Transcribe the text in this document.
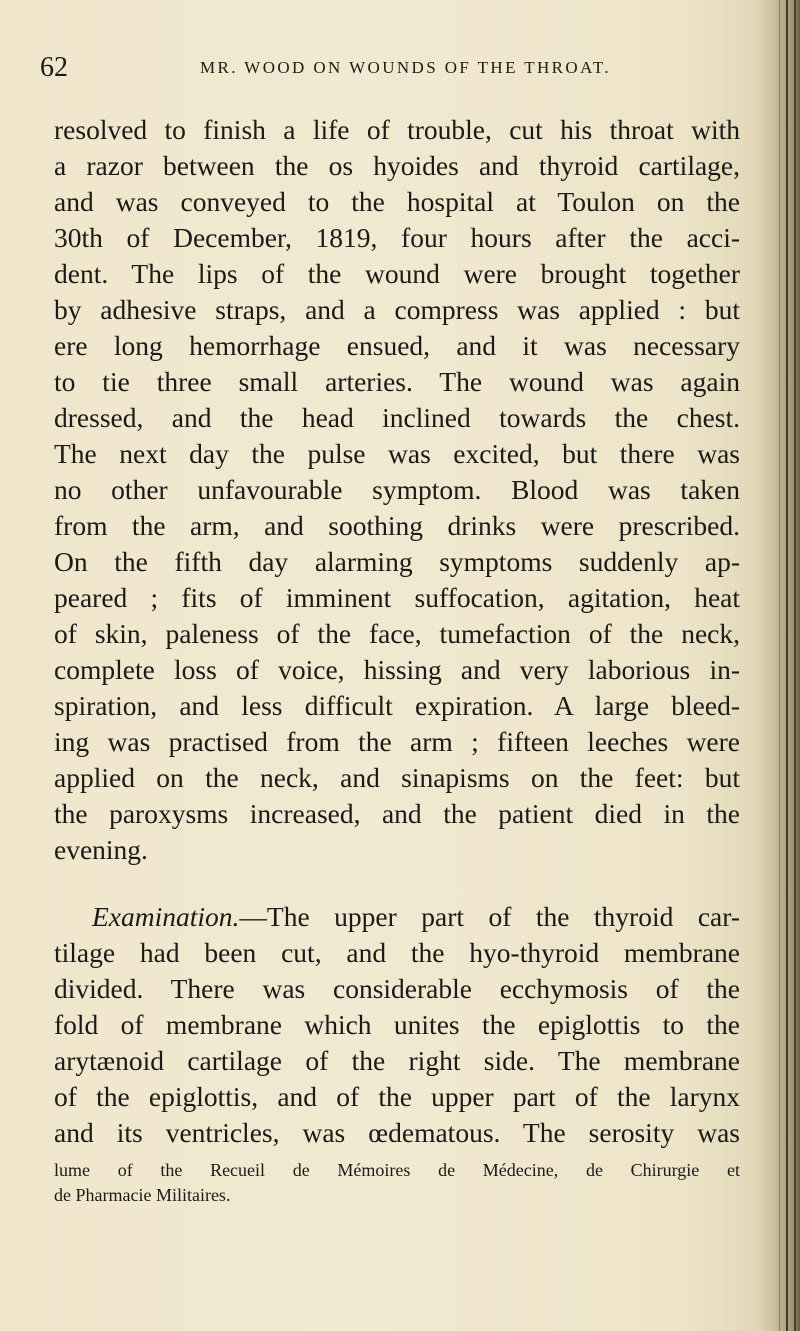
62	MR. WOOD ON WOUNDS OF THE THROAT.
resolved to finish a life of trouble, cut his throat with
a razor between the os hyoides and thyroid cartilage,
and was conveyed to the hospital at Toulon on the
30th of December, 1819, four hours after the acci-
dent. The lips of the wound were brought together
by adhesive straps, and a compress was applied : but
ere long hemorrhage ensued, and it was necessary
to tie three small arteries. The wound was again
dressed, and the head inclined towards the chest.
The next day the pulse was excited, but there was
no other unfavourable symptom. Blood was taken
from the arm, and soothing drinks were prescribed.
On the fifth day alarming symptoms suddenly ap-
peared ; fits of imminent suffocation, agitation, heat
of skin, paleness of the face, tumefaction of the neck,
complete loss of voice, hissing and very laborious in-
spiration, and less difficult expiration. A large bleed-
ing was practised from the arm ; fifteen leeches were
applied on the neck, and sinapisms on the feet: but
the paroxysms increased, and the patient died in the
evening.
Examination.—The upper part of the thyroid car-
tilage had been cut, and the hyo-thyroid membrane
divided. There was considerable ecchymosis of the
fold of membrane which unites the epiglottis to the
arytænoid cartilage of the right side. The membrane
of the epiglottis, and of the upper part of the larynx
and its ventricles, was œdematous. The serosity was
lume of the Recueil de Mémoires de Médecine, de Chirurgie et
de Pharmacie Militaires.
